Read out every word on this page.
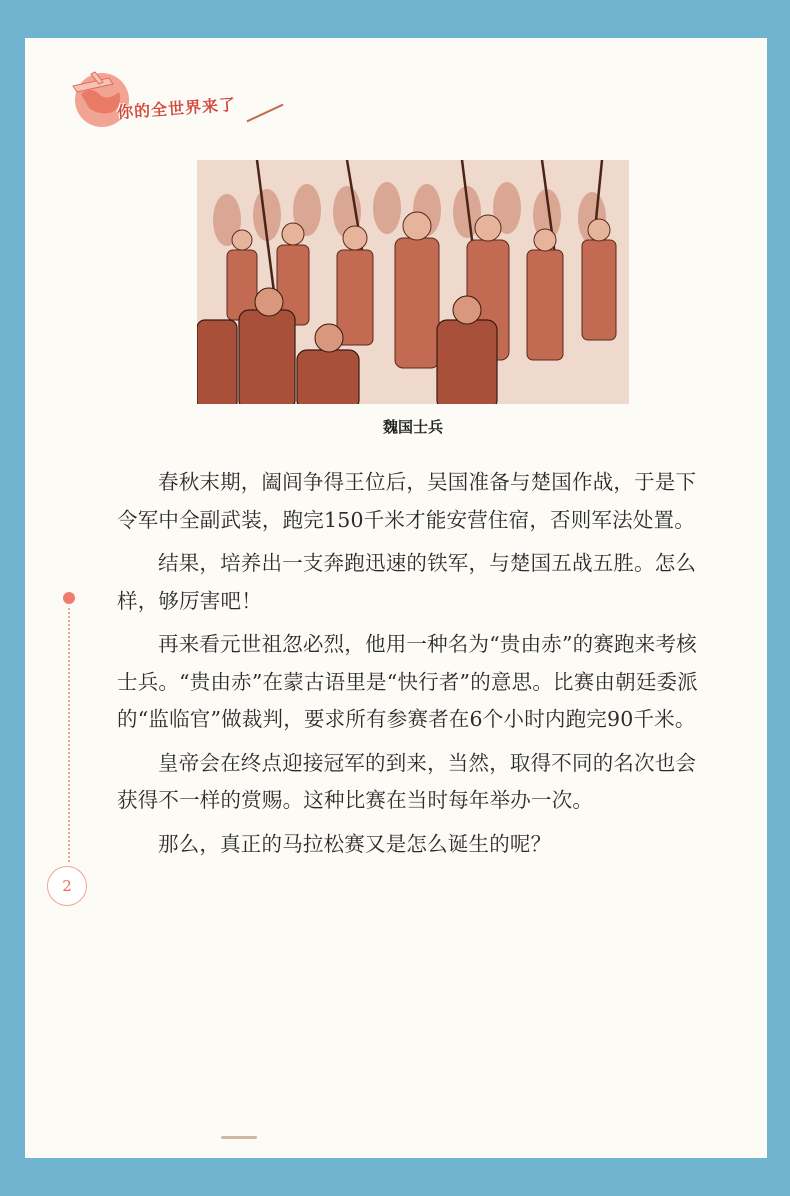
你的全世界来了
魏国士兵

春秋末期，阖闾争得王位后，吴国准备与楚国作战，于是下令军中全副武装，跑完150千米才能安营住宿，否则军法处置。

结果，培养出一支奔跑迅速的铁军，与楚国五战五胜。怎么样，够厉害吧！

再来看元世祖忽必烈，他用一种名为“贵由赤”的赛跑来考核士兵。“贵由赤”在蒙古语里是“快行者”的意思。比赛由朝廷委派的“监临官”做裁判，要求所有参赛者在6个小时内跑完90千米。

皇帝会在终点迎接冠军的到来，当然，取得不同的名次也会获得不一样的赏赐。这种比赛在当时每年举办一次。

那么，真正的马拉松赛又是怎么诞生的呢？

2
